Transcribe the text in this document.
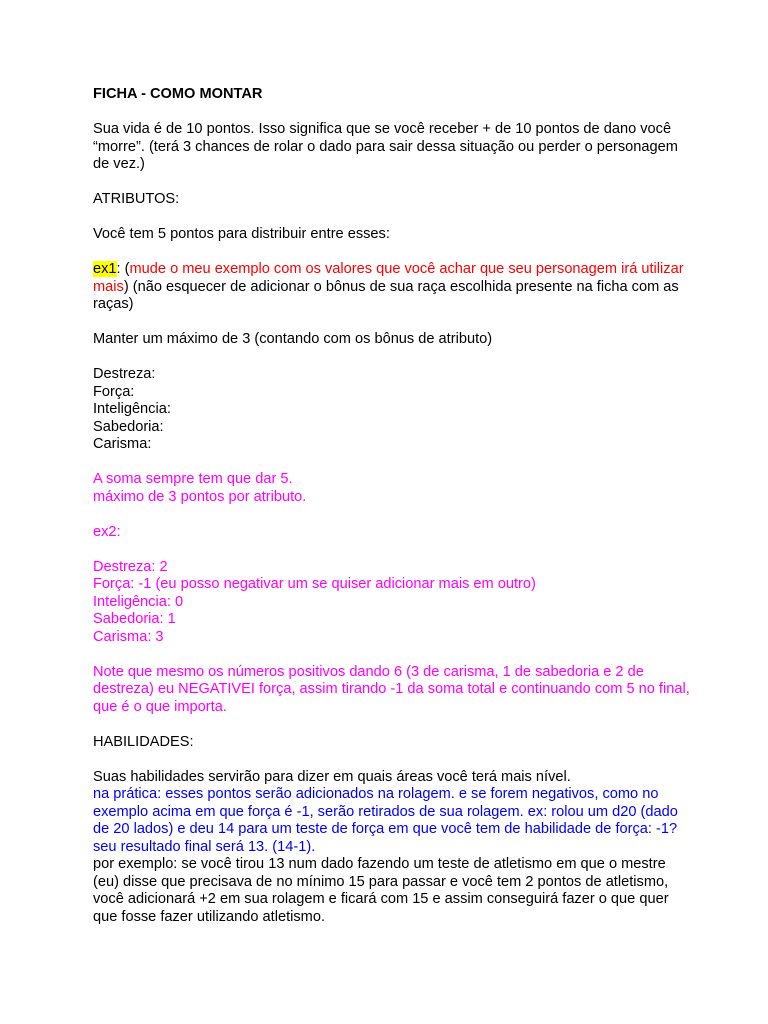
FICHA - COMO MONTAR

Sua vida é de 10 pontos. Isso significa que se você receber + de 10 pontos de dano você
“morre”. (terá 3 chances de rolar o dado para sair dessa situação ou perder o personagem
de vez.)

ATRIBUTOS:

Você tem 5 pontos para distribuir entre esses:

ex1: (mude o meu exemplo com os valores que você achar que seu personagem irá utilizar
mais) (não esquecer de adicionar o bônus de sua raça escolhida presente na ficha com as
raças)

Manter um máximo de 3 (contando com os bônus de atributo)

Destreza:
Força:
Inteligência:
Sabedoria:
Carisma:

A soma sempre tem que dar 5.
máximo de 3 pontos por atributo.

ex2:

Destreza: 2
Força: -1 (eu posso negativar um se quiser adicionar mais em outro)
Inteligência: 0
Sabedoria: 1
Carisma: 3

Note que mesmo os números positivos dando 6 (3 de carisma, 1 de sabedoria e 2 de
destreza) eu NEGATIVEI força, assim tirando -1 da soma total e continuando com 5 no final,
que é o que importa.

HABILIDADES:

Suas habilidades servirão para dizer em quais áreas você terá mais nível.
na prática: esses pontos serão adicionados na rolagem. e se forem negativos, como no
exemplo acima em que força é -1, serão retirados de sua rolagem. ex: rolou um d20 (dado
de 20 lados) e deu 14 para um teste de força em que você tem de habilidade de força: -1?
seu resultado final será 13. (14-1).
por exemplo: se você tirou 13 num dado fazendo um teste de atletismo em que o mestre
(eu) disse que precisava de no mínimo 15 para passar e você tem 2 pontos de atletismo,
você adicionará +2 em sua rolagem e ficará com 15 e assim conseguirá fazer o que quer
que fosse fazer utilizando atletismo.
